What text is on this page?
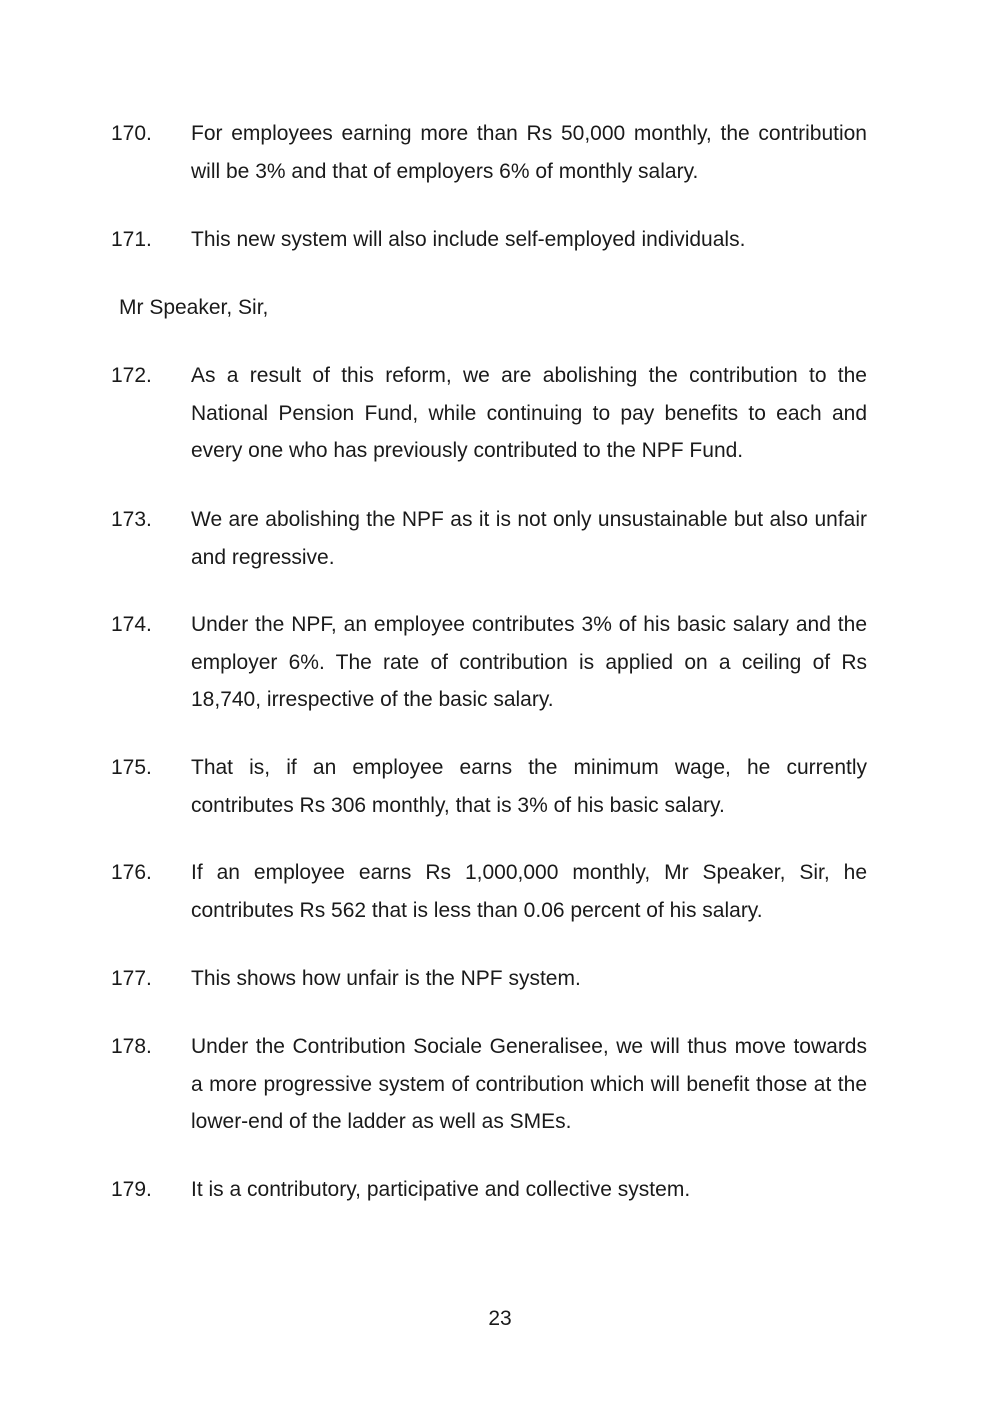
170.	For employees earning more than Rs 50,000 monthly, the contribution will be 3% and that of employers 6% of monthly salary.
171.	This new system will also include self-employed individuals.
Mr Speaker, Sir,
172.	As a result of this reform, we are abolishing the contribution to the National Pension Fund, while continuing to pay benefits to each and every one who has previously contributed to the NPF Fund.
173.	We are abolishing the NPF as it is not only unsustainable but also unfair and regressive.
174.	Under the NPF, an employee contributes 3% of his basic salary and the employer 6%. The rate of contribution is applied on a ceiling of Rs 18,740, irrespective of the basic salary.
175.	That is, if an employee earns the minimum wage, he currently contributes Rs 306 monthly, that is 3% of his basic salary.
176.	If an employee earns Rs 1,000,000 monthly, Mr Speaker, Sir, he contributes Rs 562 that is less than 0.06 percent of his salary.
177.	This shows how unfair is the NPF system.
178.	Under the Contribution Sociale Generalisee, we will thus move towards a more progressive system of contribution which will benefit those at the lower-end of the ladder as well as SMEs.
179.	It is a contributory, participative and collective system.
23
